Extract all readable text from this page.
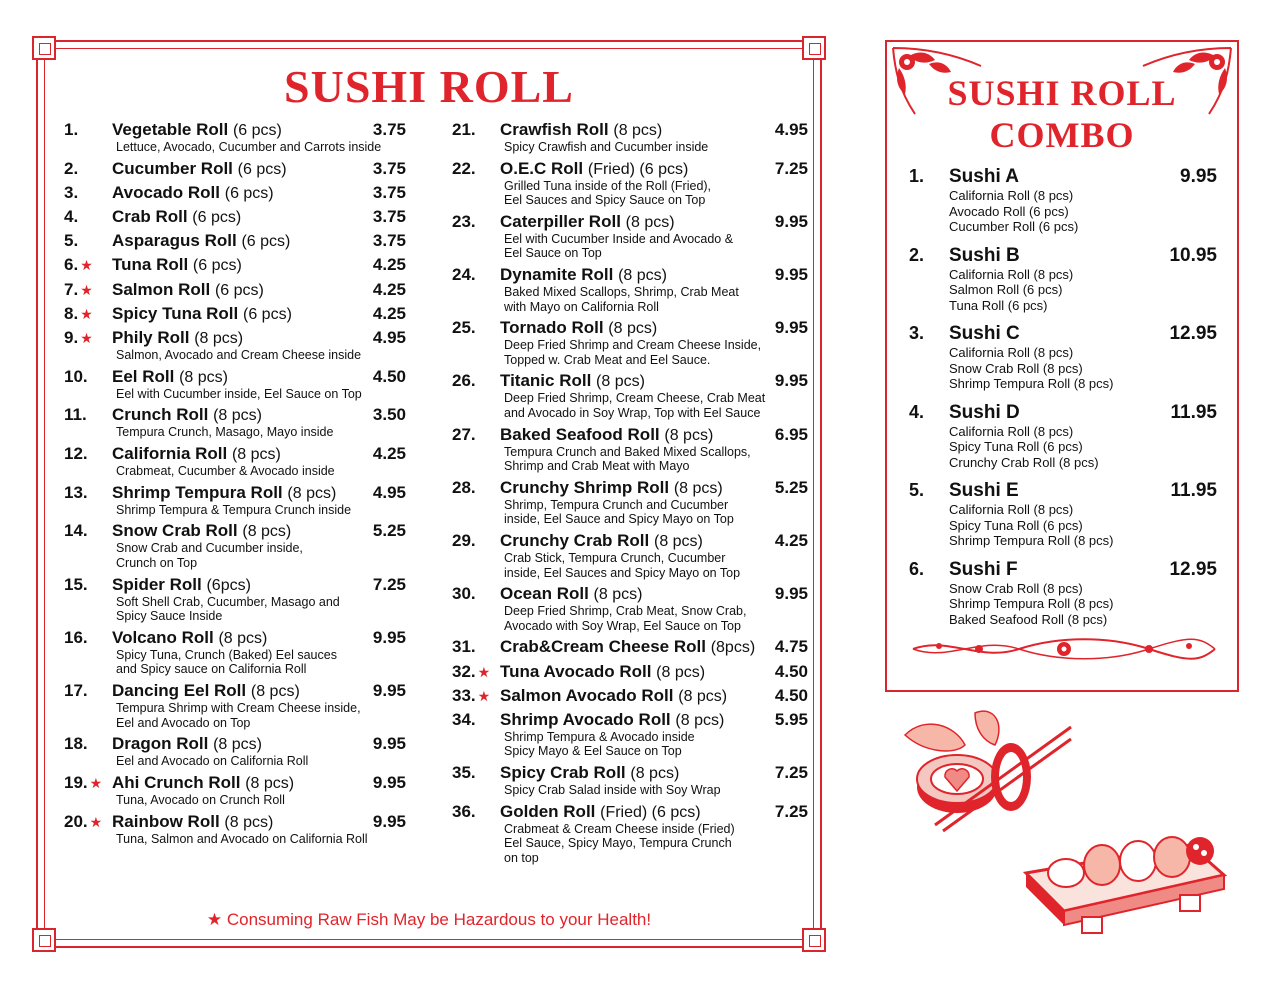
SUSHI ROLL
1.	Vegetable Roll (6 pcs)	3.75
Lettuce, Avocado, Cucumber and Carrots inside
2.	Cucumber Roll (6 pcs)	3.75
3.	Avocado Roll (6 pcs)	3.75
4.	Crab Roll (6 pcs)	3.75
5.	Asparagus Roll (6 pcs)	3.75
6. ★	Tuna Roll (6 pcs)	4.25
7. ★	Salmon Roll (6 pcs)	4.25
8. ★	Spicy Tuna Roll (6 pcs)	4.25
9. ★	Phily Roll (8 pcs)	4.95
Salmon, Avocado and Cream Cheese inside
10.	Eel Roll (8 pcs)	4.50
Eel with Cucumber inside, Eel Sauce on Top
11.	Crunch Roll (8 pcs)	3.50
Tempura Crunch, Masago, Mayo inside
12.	California Roll (8 pcs)	4.25
Crabmeat, Cucumber & Avocado inside
13.	Shrimp Tempura Roll (8 pcs)	4.95
Shrimp Tempura & Tempura Crunch inside
14.	Snow Crab Roll (8 pcs)	5.25
Snow Crab and Cucumber inside,
Crunch on Top
15.	Spider Roll (6pcs)	7.25
Soft Shell Crab, Cucumber, Masago and
Spicy Sauce Inside
16.	Volcano Roll (8 pcs)	9.95
Spicy Tuna, Crunch (Baked) Eel sauces
and Spicy sauce on California Roll
17.	Dancing Eel Roll (8 pcs)	9.95
Tempura Shrimp with Cream Cheese inside,
Eel and Avocado on Top
18.	Dragon Roll (8 pcs)	9.95
Eel and Avocado on California Roll
19. ★ Ahi Crunch Roll (8 pcs)	9.95
Tuna, Avocado on Crunch Roll
20. ★ Rainbow Roll (8 pcs)	9.95
Tuna, Salmon and Avocado on California Roll
21.	Crawfish Roll (8 pcs)	4.95
Spicy Crawfish and Cucumber inside
22.	O.E.C Roll (Fried) (6 pcs)	7.25
Grilled Tuna inside of the Roll (Fried),
Eel Sauces and Spicy Sauce on Top
23.	Caterpiller Roll (8 pcs)	9.95
Eel with Cucumber Inside and Avocado &
Eel Sauce on Top
24.	Dynamite Roll (8 pcs)	9.95
Baked Mixed Scallops, Shrimp, Crab Meat
with Mayo on California Roll
25.	Tornado Roll (8 pcs)	9.95
Deep Fried Shrimp and Cream Cheese Inside,
Topped w. Crab Meat and Eel Sauce.
26.	Titanic Roll (8 pcs)	9.95
Deep Fried Shrimp, Cream Cheese, Crab Meat
and Avocado in Soy Wrap, Top with Eel Sauce
27.	Baked Seafood Roll (8 pcs)	6.95
Tempura Crunch and Baked Mixed Scallops,
Shrimp and Crab Meat with Mayo
28.	Crunchy Shrimp Roll (8 pcs)	5.25
Shrimp, Tempura Crunch and Cucumber
inside, Eel Sauce and Spicy Mayo on Top
29.	Crunchy Crab Roll (8 pcs)	4.25
Crab Stick, Tempura Crunch, Cucumber
inside, Eel Sauces and Spicy Mayo on Top
30.	Ocean Roll (8 pcs)	9.95
Deep Fried Shrimp, Crab Meat, Snow Crab,
Avocado with Soy Wrap, Eel Sauce on Top
31.	Crab&Cream Cheese Roll (8pcs)	4.75
32. ★ Tuna Avocado Roll (8 pcs)	4.50
33. ★ Salmon Avocado Roll (8 pcs)	4.50
34.	Shrimp Avocado Roll (8 pcs)	5.95
Shrimp Tempura & Avocado inside
Spicy Mayo & Eel Sauce on Top
35.	Spicy Crab Roll (8 pcs)	7.25
Spicy Crab Salad inside with Soy Wrap
36.	Golden Roll (Fried) (6 pcs)	7.25
Crabmeat & Cream Cheese inside (Fried)
Eel Sauce, Spicy Mayo, Tempura Crunch
on top
★ Consuming Raw Fish May be Hazardous to your Health!
SUSHI ROLL
COMBO
1. Sushi A	9.95
California Roll (8 pcs)
Avocado Roll (6 pcs)
Cucumber Roll (6 pcs)
2. Sushi B	10.95
California Roll (8 pcs)
Salmon Roll (6 pcs)
Tuna Roll (6 pcs)
3. Sushi C	12.95
California Roll (8 pcs)
Snow Crab Roll (8 pcs)
Shrimp Tempura Roll (8 pcs)
4. Sushi D	11.95
California Roll (8 pcs)
Spicy Tuna Roll (6 pcs)
Crunchy Crab Roll (8 pcs)
5. Sushi E	11.95
California Roll (8 pcs)
Spicy Tuna Roll (6 pcs)
Shrimp Tempura Roll (8 pcs)
6. Sushi F	12.95
Snow Crab Roll (8 pcs)
Shrimp Tempura Roll (8 pcs)
Baked Seafood Roll (8 pcs)
